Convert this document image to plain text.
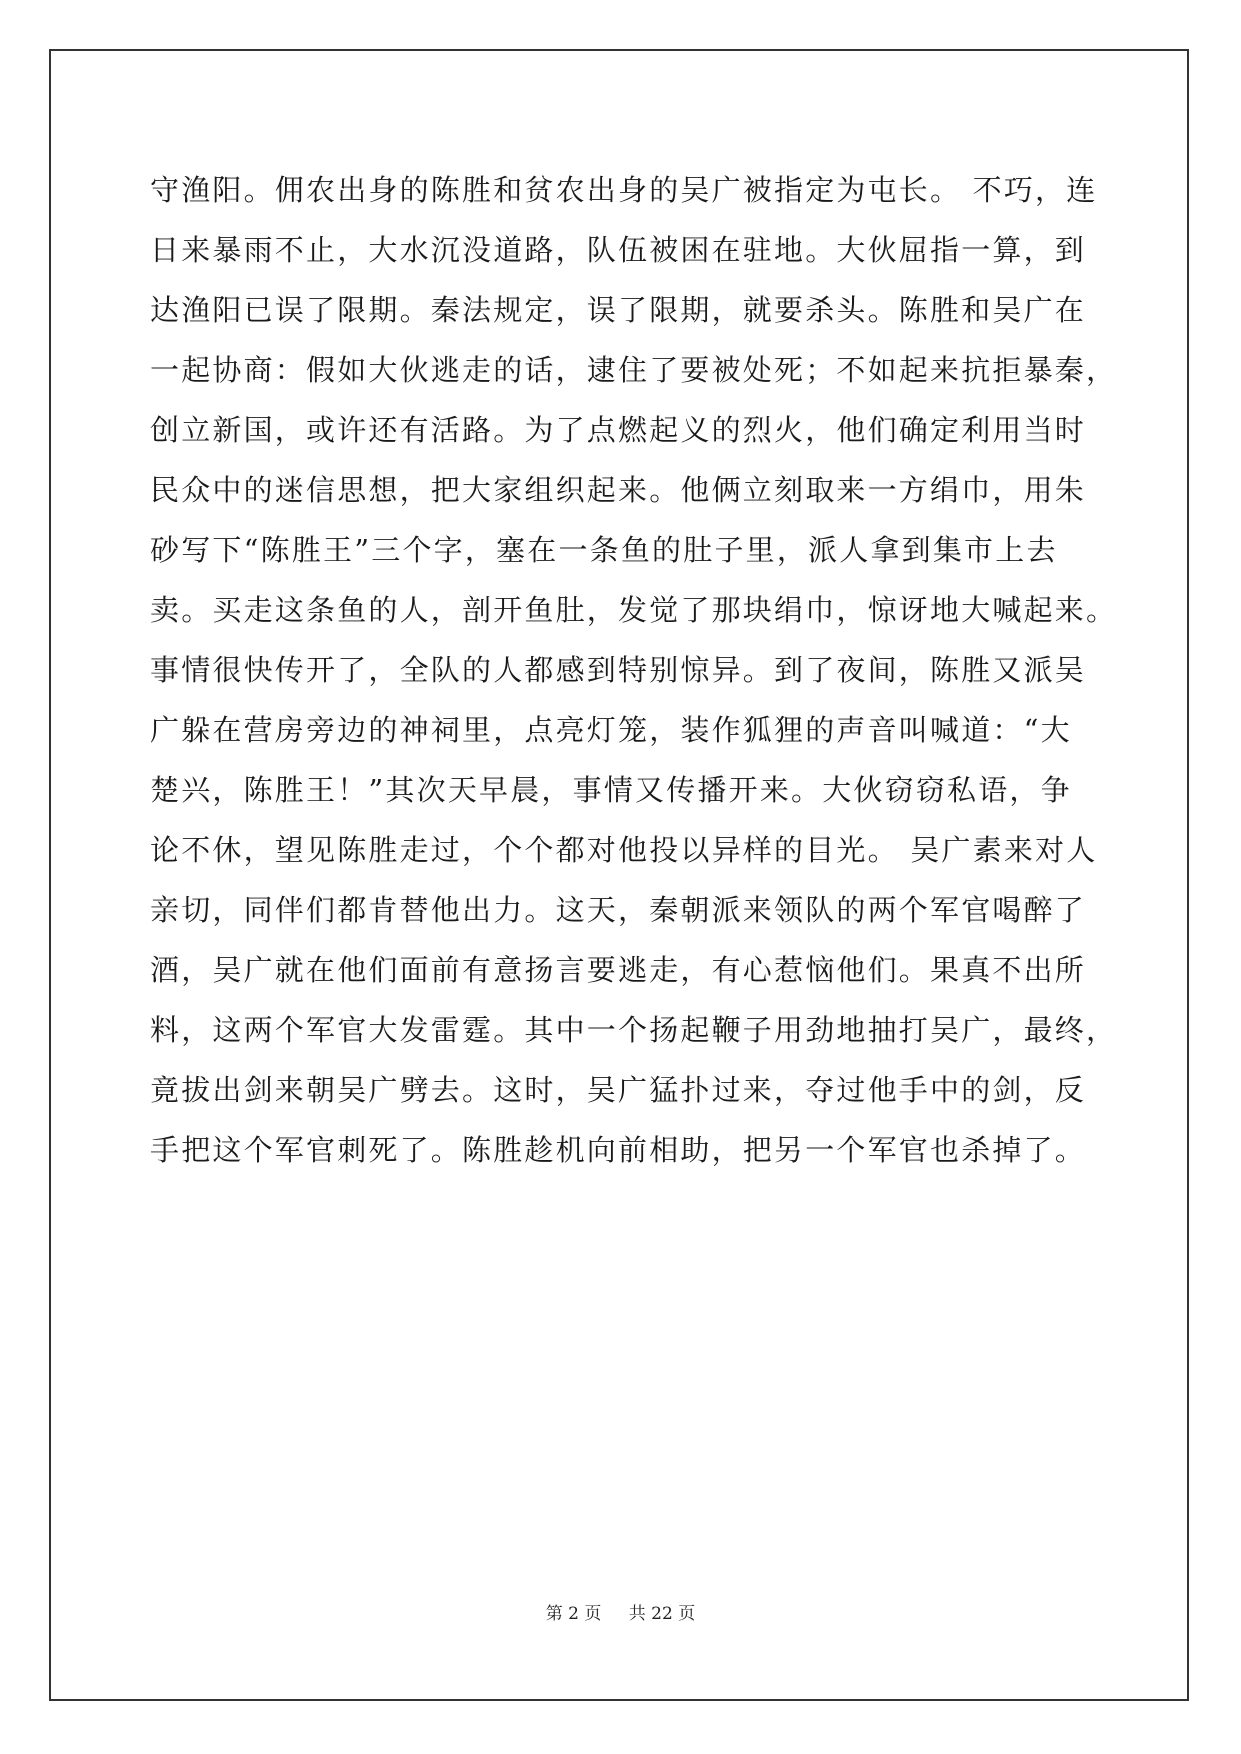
守渔阳。佣农出身的陈胜和贫农出身的吴广被指定为屯长。 不巧，连
日来暴雨不止，大水沉没道路，队伍被困在驻地。大伙屈指一算，到
达渔阳已误了限期。秦法规定，误了限期，就要杀头。陈胜和吴广在
一起协商：假如大伙逃走的话，逮住了要被处死；不如起来抗拒暴秦，
创立新国，或许还有活路。为了点燃起义的烈火，他们确定利用当时
民众中的迷信思想，把大家组织起来。他俩立刻取来一方绢巾，用朱
砂写下“陈胜王”三个字，塞在一条鱼的肚子里，派人拿到集市上去
卖。买走这条鱼的人，剖开鱼肚，发觉了那块绢巾，惊讶地大喊起来。
事情很快传开了，全队的人都感到特别惊异。到了夜间，陈胜又派吴
广躲在营房旁边的神祠里，点亮灯笼，装作狐狸的声音叫喊道：“大
楚兴，陈胜王！”其次天早晨，事情又传播开来。大伙窃窃私语，争
论不休，望见陈胜走过，个个都对他投以异样的目光。 吴广素来对人
亲切，同伴们都肯替他出力。这天，秦朝派来领队的两个军官喝醉了
酒，吴广就在他们面前有意扬言要逃走，有心惹恼他们。果真不出所
料，这两个军官大发雷霆。其中一个扬起鞭子用劲地抽打吴广，最终，
竟拔出剑来朝吴广劈去。这时，吴广猛扑过来，夺过他手中的剑，反
手把这个军官刺死了。陈胜趁机向前相助，把另一个军官也杀掉了。
第 2 页 共 22 页
